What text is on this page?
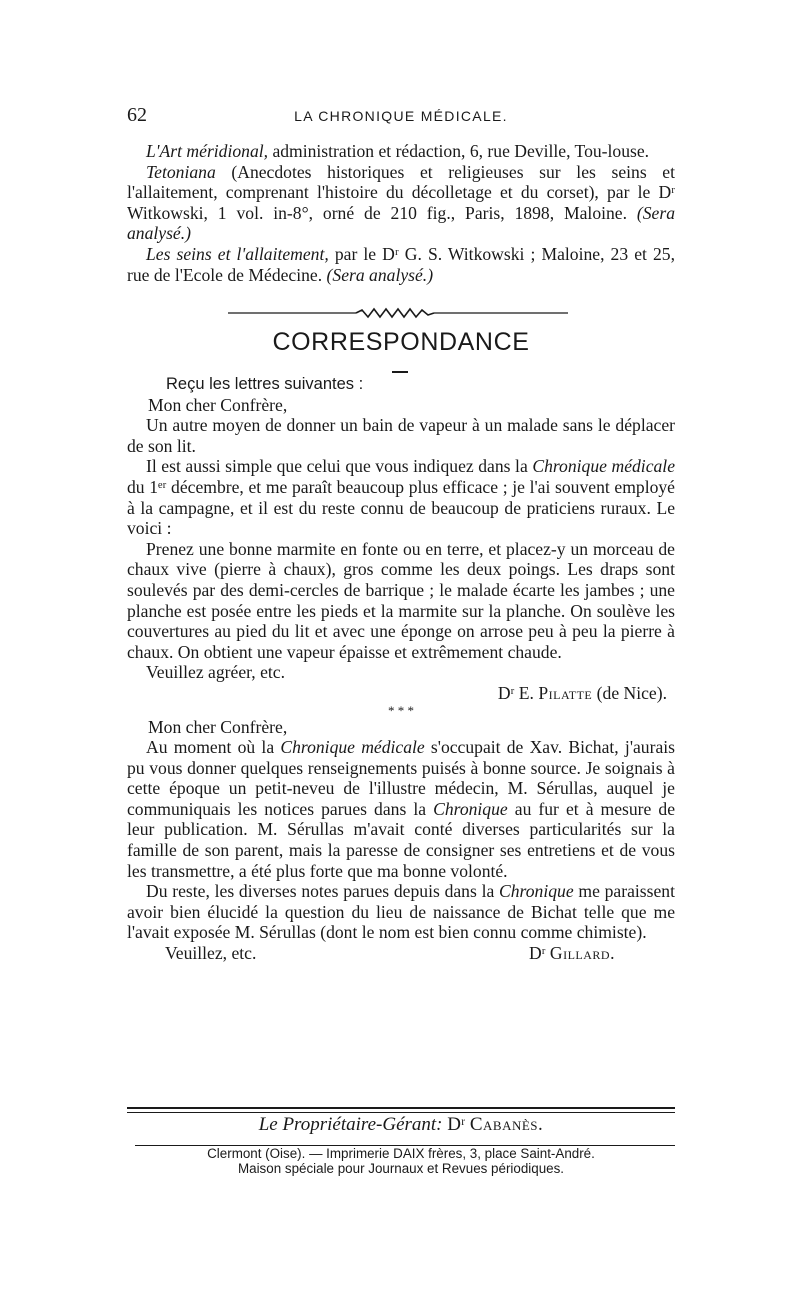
62	LA CHRONIQUE MÉDICALE.

L'Art méridional, administration et rédaction, 6, rue Deville, Tou-louse.

Tetoniana (Anecdotes historiques et religieuses sur les seins et l'allaitement, comprenant l'histoire du décolletage et du corset), par le Dʳ Witkowski, 1 vol. in-8°, orné de 210 fig., Paris, 1898, Maloine. (Sera analysé.)

Les seins et l'allaitement, par le Dʳ G. S. Witkowski ; Maloine, 23 et 25, rue de l'Ecole de Médecine. (Sera analysé.)

CORRESPONDANCE

Reçu les lettres suivantes :

Mon cher Confrère,

Un autre moyen de donner un bain de vapeur à un malade sans le déplacer de son lit.

Il est aussi simple que celui que vous indiquez dans la Chronique médicale du 1ᵉʳ décembre, et me paraît beaucoup plus efficace ; je l'ai souvent employé à la campagne, et il est du reste connu de beaucoup de praticiens ruraux. Le voici :

Prenez une bonne marmite en fonte ou en terre, et placez-y un morceau de chaux vive (pierre à chaux), gros comme les deux poings. Les draps sont soulevés par des demi-cercles de barrique ; le malade écarte les jambes ; une planche est posée entre les pieds et la marmite sur la planche. On soulève les couvertures au pied du lit et avec une éponge on arrose peu à peu la pierre à chaux. On obtient une vapeur épaisse et extrêmement chaude.

Veuillez agréer, etc.

Dʳ E. Pilatte (de Nice).

* * *

Mon cher Confrère,

Au moment où la Chronique médicale s'occupait de Xav. Bichat, j'aurais pu vous donner quelques renseignements puisés à bonne source. Je soignais à cette époque un petit-neveu de l'illustre médecin, M. Sérullas, auquel je communiquais les notices parues dans la Chronique au fur et à mesure de leur publication. M. Sérullas m'avait conté diverses particularités sur la famille de son parent, mais la paresse de consigner ses entretiens et de vous les transmettre, a été plus forte que ma bonne volonté.

Du reste, les diverses notes parues depuis dans la Chronique me paraissent avoir bien élucidé la question du lieu de naissance de Bichat telle que me l'avait exposée M. Sérullas (dont le nom est bien connu comme chimiste).

Veuillez, etc.	Dʳ Gillard.

Le Propriétaire-Gérant: Dʳ Cabanès.
Clermont (Oise). — Imprimerie DAIX frères, 3, place Saint-André.
Maison spéciale pour Journaux et Revues périodiques.
